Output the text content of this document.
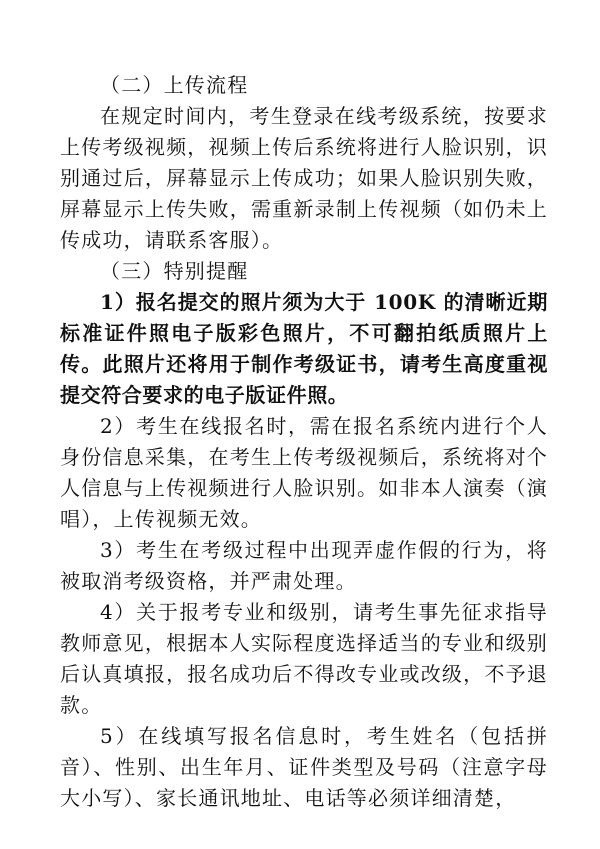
（二）上传流程

在规定时间内，考生登录在线考级系统，按要求上传考级视频，视频上传后系统将进行人脸识别，识别通过后，屏幕显示上传成功；如果人脸识别失败，屏幕显示上传失败，需重新录制上传视频（如仍未上传成功，请联系客服）。

（三）特别提醒

1）报名提交的照片须为大于 100K 的清晰近期标准证件照电子版彩色照片，不可翻拍纸质照片上传。此照片还将用于制作考级证书，请考生高度重视提交符合要求的电子版证件照。

2）考生在线报名时，需在报名系统内进行个人身份信息采集，在考生上传考级视频后，系统将对个人信息与上传视频进行人脸识别。如非本人演奏（演唱），上传视频无效。

3）考生在考级过程中出现弄虚作假的行为，将被取消考级资格，并严肃处理。

4）关于报考专业和级别，请考生事先征求指导教师意见，根据本人实际程度选择适当的专业和级别后认真填报，报名成功后不得改专业或改级，不予退款。

5）在线填写报名信息时，考生姓名（包括拼音）、性别、出生年月、证件类型及号码（注意字母大小写）、家长通讯地址、电话等必须详细清楚，
